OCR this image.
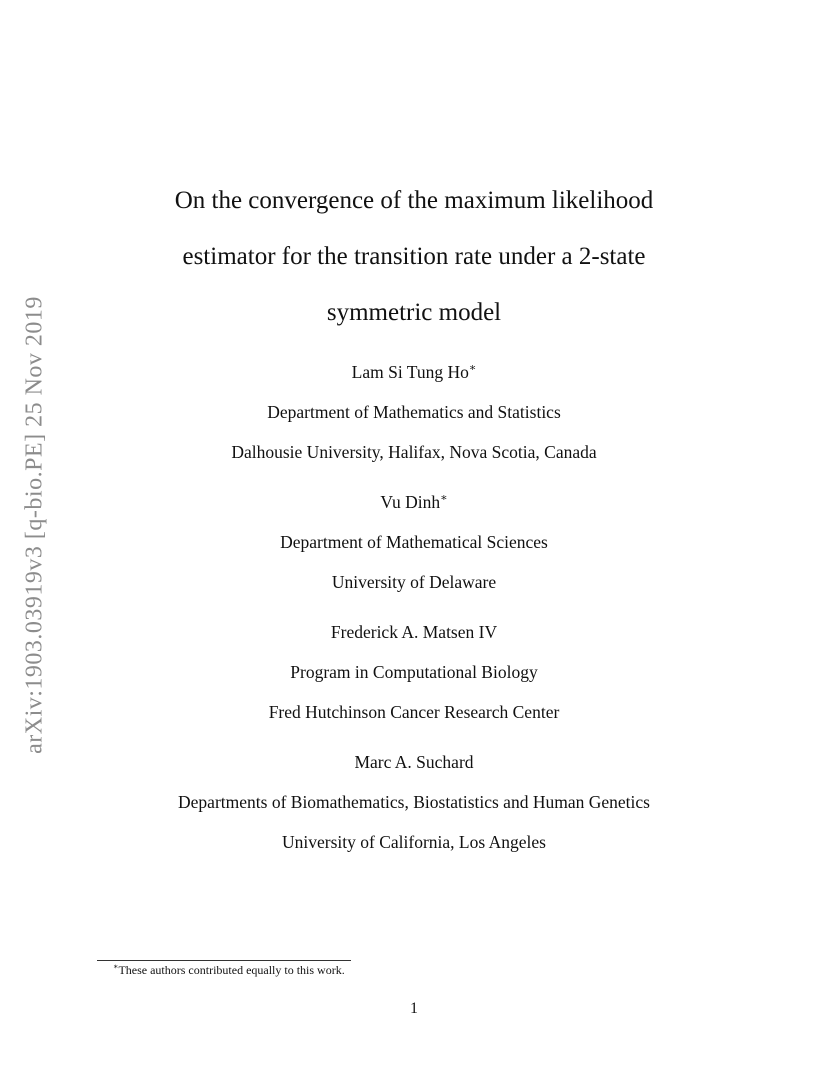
arXiv:1903.03919v3 [q-bio.PE] 25 Nov 2019
On the convergence of the maximum likelihood
estimator for the transition rate under a 2-state
symmetric model
Lam Si Tung Ho∗
Department of Mathematics and Statistics
Dalhousie University, Halifax, Nova Scotia, Canada
Vu Dinh∗
Department of Mathematical Sciences
University of Delaware
Frederick A. Matsen IV
Program in Computational Biology
Fred Hutchinson Cancer Research Center
Marc A. Suchard
Departments of Biomathematics, Biostatistics and Human Genetics
University of California, Los Angeles
∗These authors contributed equally to this work.
1
